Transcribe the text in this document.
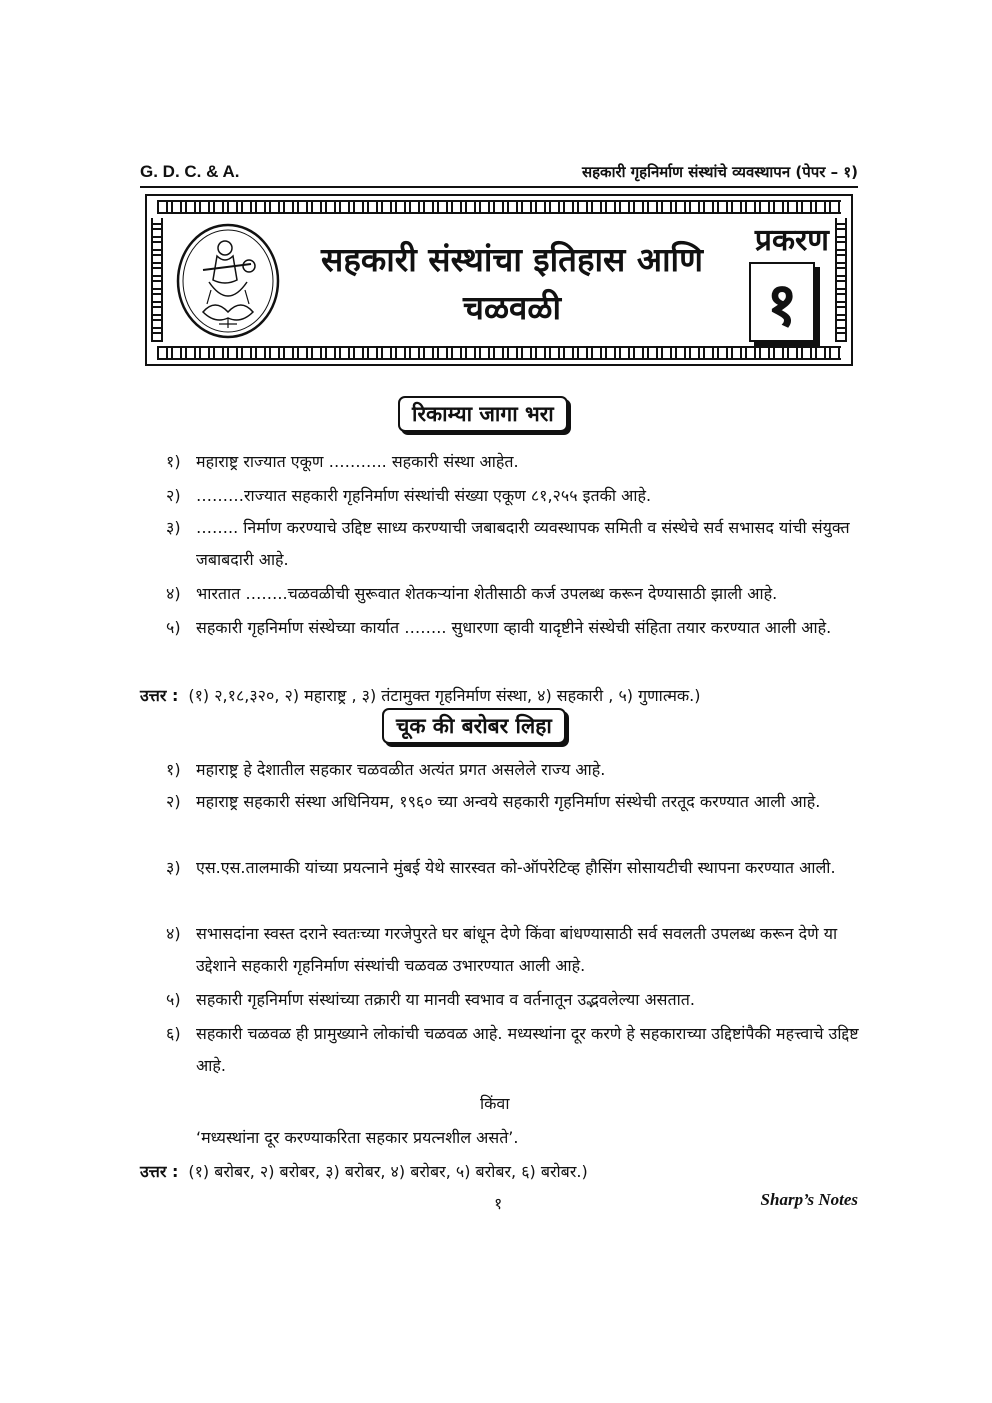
G. D. C. & A.	सहकारी गृहनिर्माण संस्थांचे व्यवस्थापन (पेपर – १)
सहकारी संस्थांचा इतिहास आणि
चळवळी
प्रकरण
१
रिकाम्या जागा भरा
१) महाराष्ट्र राज्यात एकूण ……….. सहकारी संस्था आहेत.
२) ………राज्यात सहकारी गृहनिर्माण संस्थांची संख्या एकूण ८१,२५५ इतकी आहे.
३) …….. निर्माण करण्याचे उद्दिष्ट साध्य करण्याची जबाबदारी व्यवस्थापक समिती व संस्थेचे सर्व सभासद यांची संयुक्त जबाबदारी आहे.
४) भारतात ……..चळवळीची सुरूवात शेतकऱ्यांना शेतीसाठी कर्ज उपलब्ध करून देण्यासाठी झाली आहे.
५) सहकारी गृहनिर्माण संस्थेच्या कार्यात …….. सुधारणा व्हावी यादृष्टीने संस्थेची संहिता तयार करण्यात आली आहे.
उत्तर : (१) २,१८,३२०, २) महाराष्ट्र , ३) तंटामुक्त गृहनिर्माण संस्था, ४) सहकारी , ५) गुणात्मक.)
चूक की बरोबर लिहा
१) महाराष्ट्र हे देशातील सहकार चळवळीत अत्यंत प्रगत असलेले राज्य आहे.
२) महाराष्ट्र सहकारी संस्था अधिनियम, १९६० च्या अन्वये सहकारी गृहनिर्माण संस्थेची तरतूद करण्यात आली आहे.
३) एस.एस.तालमाकी यांच्या प्रयत्नाने मुंबई येथे सारस्वत को-ऑपरेटिव्ह हौसिंग सोसायटीची स्थापना करण्यात आली.
४) सभासदांना स्वस्त दराने स्वतःच्या गरजेपुरते घर बांधून देणे किंवा बांधण्यासाठी सर्व सवलती उपलब्ध करून देणे या उद्देशाने सहकारी गृहनिर्माण संस्थांची चळवळ उभारण्यात आली आहे.
५) सहकारी गृहनिर्माण संस्थांच्या तक्रारी या मानवी स्वभाव व वर्तनातून उद्भवलेल्या असतात.
६) सहकारी चळवळ ही प्रामुख्याने लोकांची चळवळ आहे. मध्यस्थांना दूर करणे हे सहकाराच्या उद्दिष्टांपैकी महत्त्वाचे उद्दिष्ट आहे.
किंवा
‘मध्यस्थांना दूर करण्याकरिता सहकार प्रयत्नशील असते’.
उत्तर : (१) बरोबर, २) बरोबर, ३) बरोबर, ४) बरोबर, ५) बरोबर, ६) बरोबर.)
१	Sharp’s Notes
